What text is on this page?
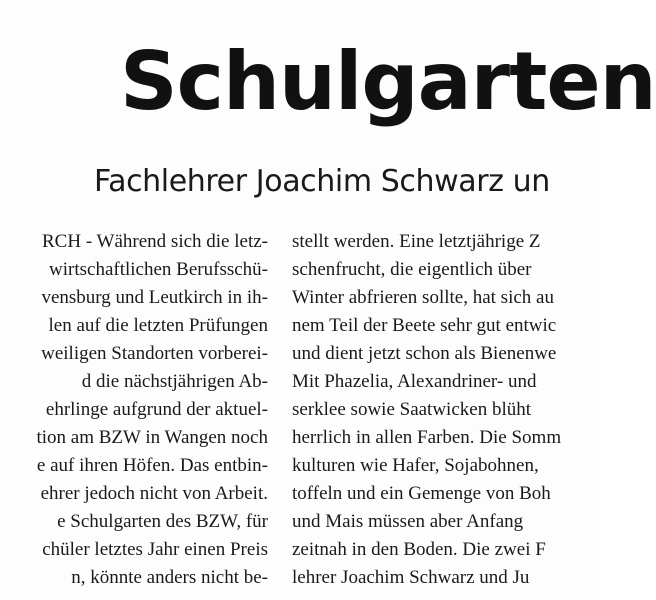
Schulgarten
Fachlehrer Joachim Schwarz un
RCH - Während sich die letz-
wirtschaftlichen Berufsschü-
vensburg und Leutkirch in ih-
len auf die letzten Prüfungen
weiligen Standorten vorberei-
d die nächstjährigen Ab-
ehrlinge aufgrund der aktuel-
tion am BZW in Wangen noch
e auf ihren Höfen. Das entbin-
ehrer jedoch nicht von Arbeit.
e Schulgarten des BZW, für
chüler letztes Jahr einen Preis
n, könnte anders nicht be-
stellt werden. Eine letztjährige Z
schenfrucht, die eigentlich über
Winter abfrieren sollte, hat sich au
nem Teil der Beete sehr gut entwic
und dient jetzt schon als Bienenwe
Mit Phazelia, Alexandriner- und
serklee sowie Saatwicken blüht
herrlich in allen Farben. Die Somm
kulturen wie Hafer, Sojabohnen,
toffeln und ein Gemenge von Boh
und Mais müssen aber Anfang
zeitnah in den Boden. Die zwei F
lehrer Joachim Schwarz und Ju
